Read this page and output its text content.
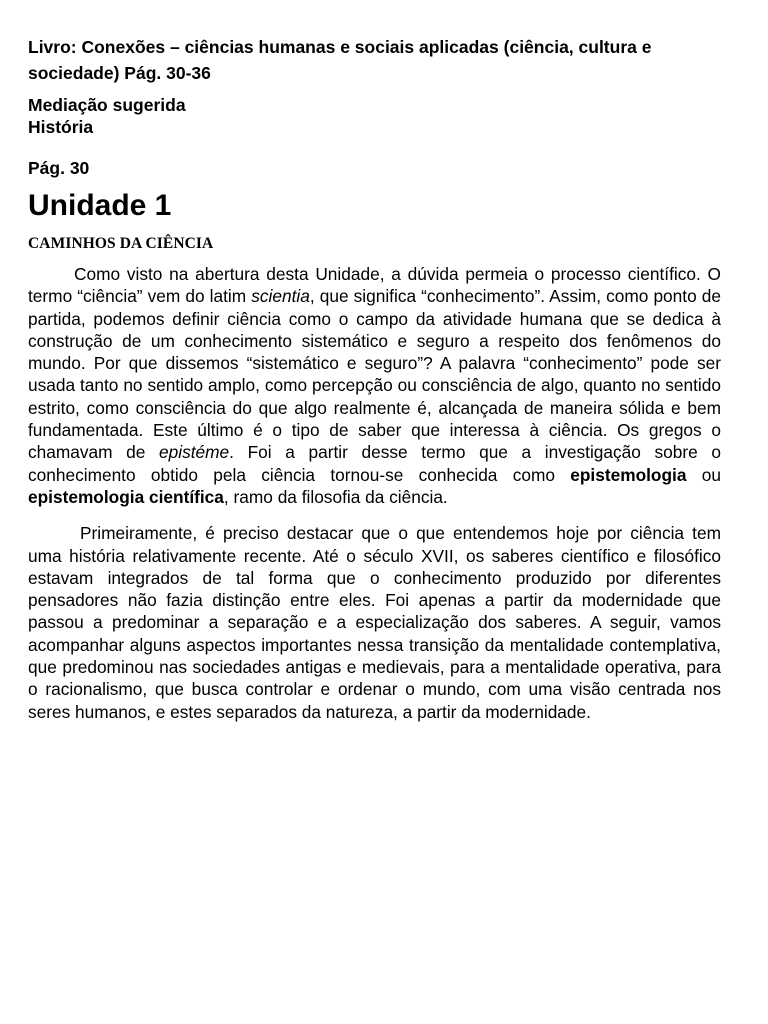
Livro: Conexões – ciências humanas e sociais aplicadas (ciência, cultura e sociedade) Pág. 30-36

Mediação sugerida
História

Pág. 30

Unidade 1
CAMINHOS DA CIÊNCIA

Como visto na abertura desta Unidade, a dúvida permeia o processo científico. O termo “ciência” vem do latim scientia, que significa “conhecimento”. Assim, como ponto de partida, podemos definir ciência como o campo da atividade humana que se dedica à construção de um conhecimento sistemático e seguro a respeito dos fenômenos do mundo. Por que dissemos “sistemático e seguro”? A palavra “conhecimento” pode ser usada tanto no sentido amplo, como percepção ou consciência de algo, quanto no sentido estrito, como consciência do que algo realmente é, alcançada de maneira sólida e bem fundamentada. Este último é o tipo de saber que interessa à ciência. Os gregos o chamavam de epistéme. Foi a partir desse termo que a investigação sobre o conhecimento obtido pela ciência tornou-se conhecida como epistemologia ou epistemologia científica, ramo da filosofia da ciência.

Primeiramente, é preciso destacar que o que entendemos hoje por ciência tem uma história relativamente recente. Até o século XVII, os saberes científico e filosófico estavam integrados de tal forma que o conhecimento produzido por diferentes pensadores não fazia distinção entre eles. Foi apenas a partir da modernidade que passou a predominar a separação e a especialização dos saberes. A seguir, vamos acompanhar alguns aspectos importantes nessa transição da mentalidade contemplativa, que predominou nas sociedades antigas e medievais, para a mentalidade operativa, para o racionalismo, que busca controlar e ordenar o mundo, com uma visão centrada nos seres humanos, e estes separados da natureza, a partir da modernidade.
